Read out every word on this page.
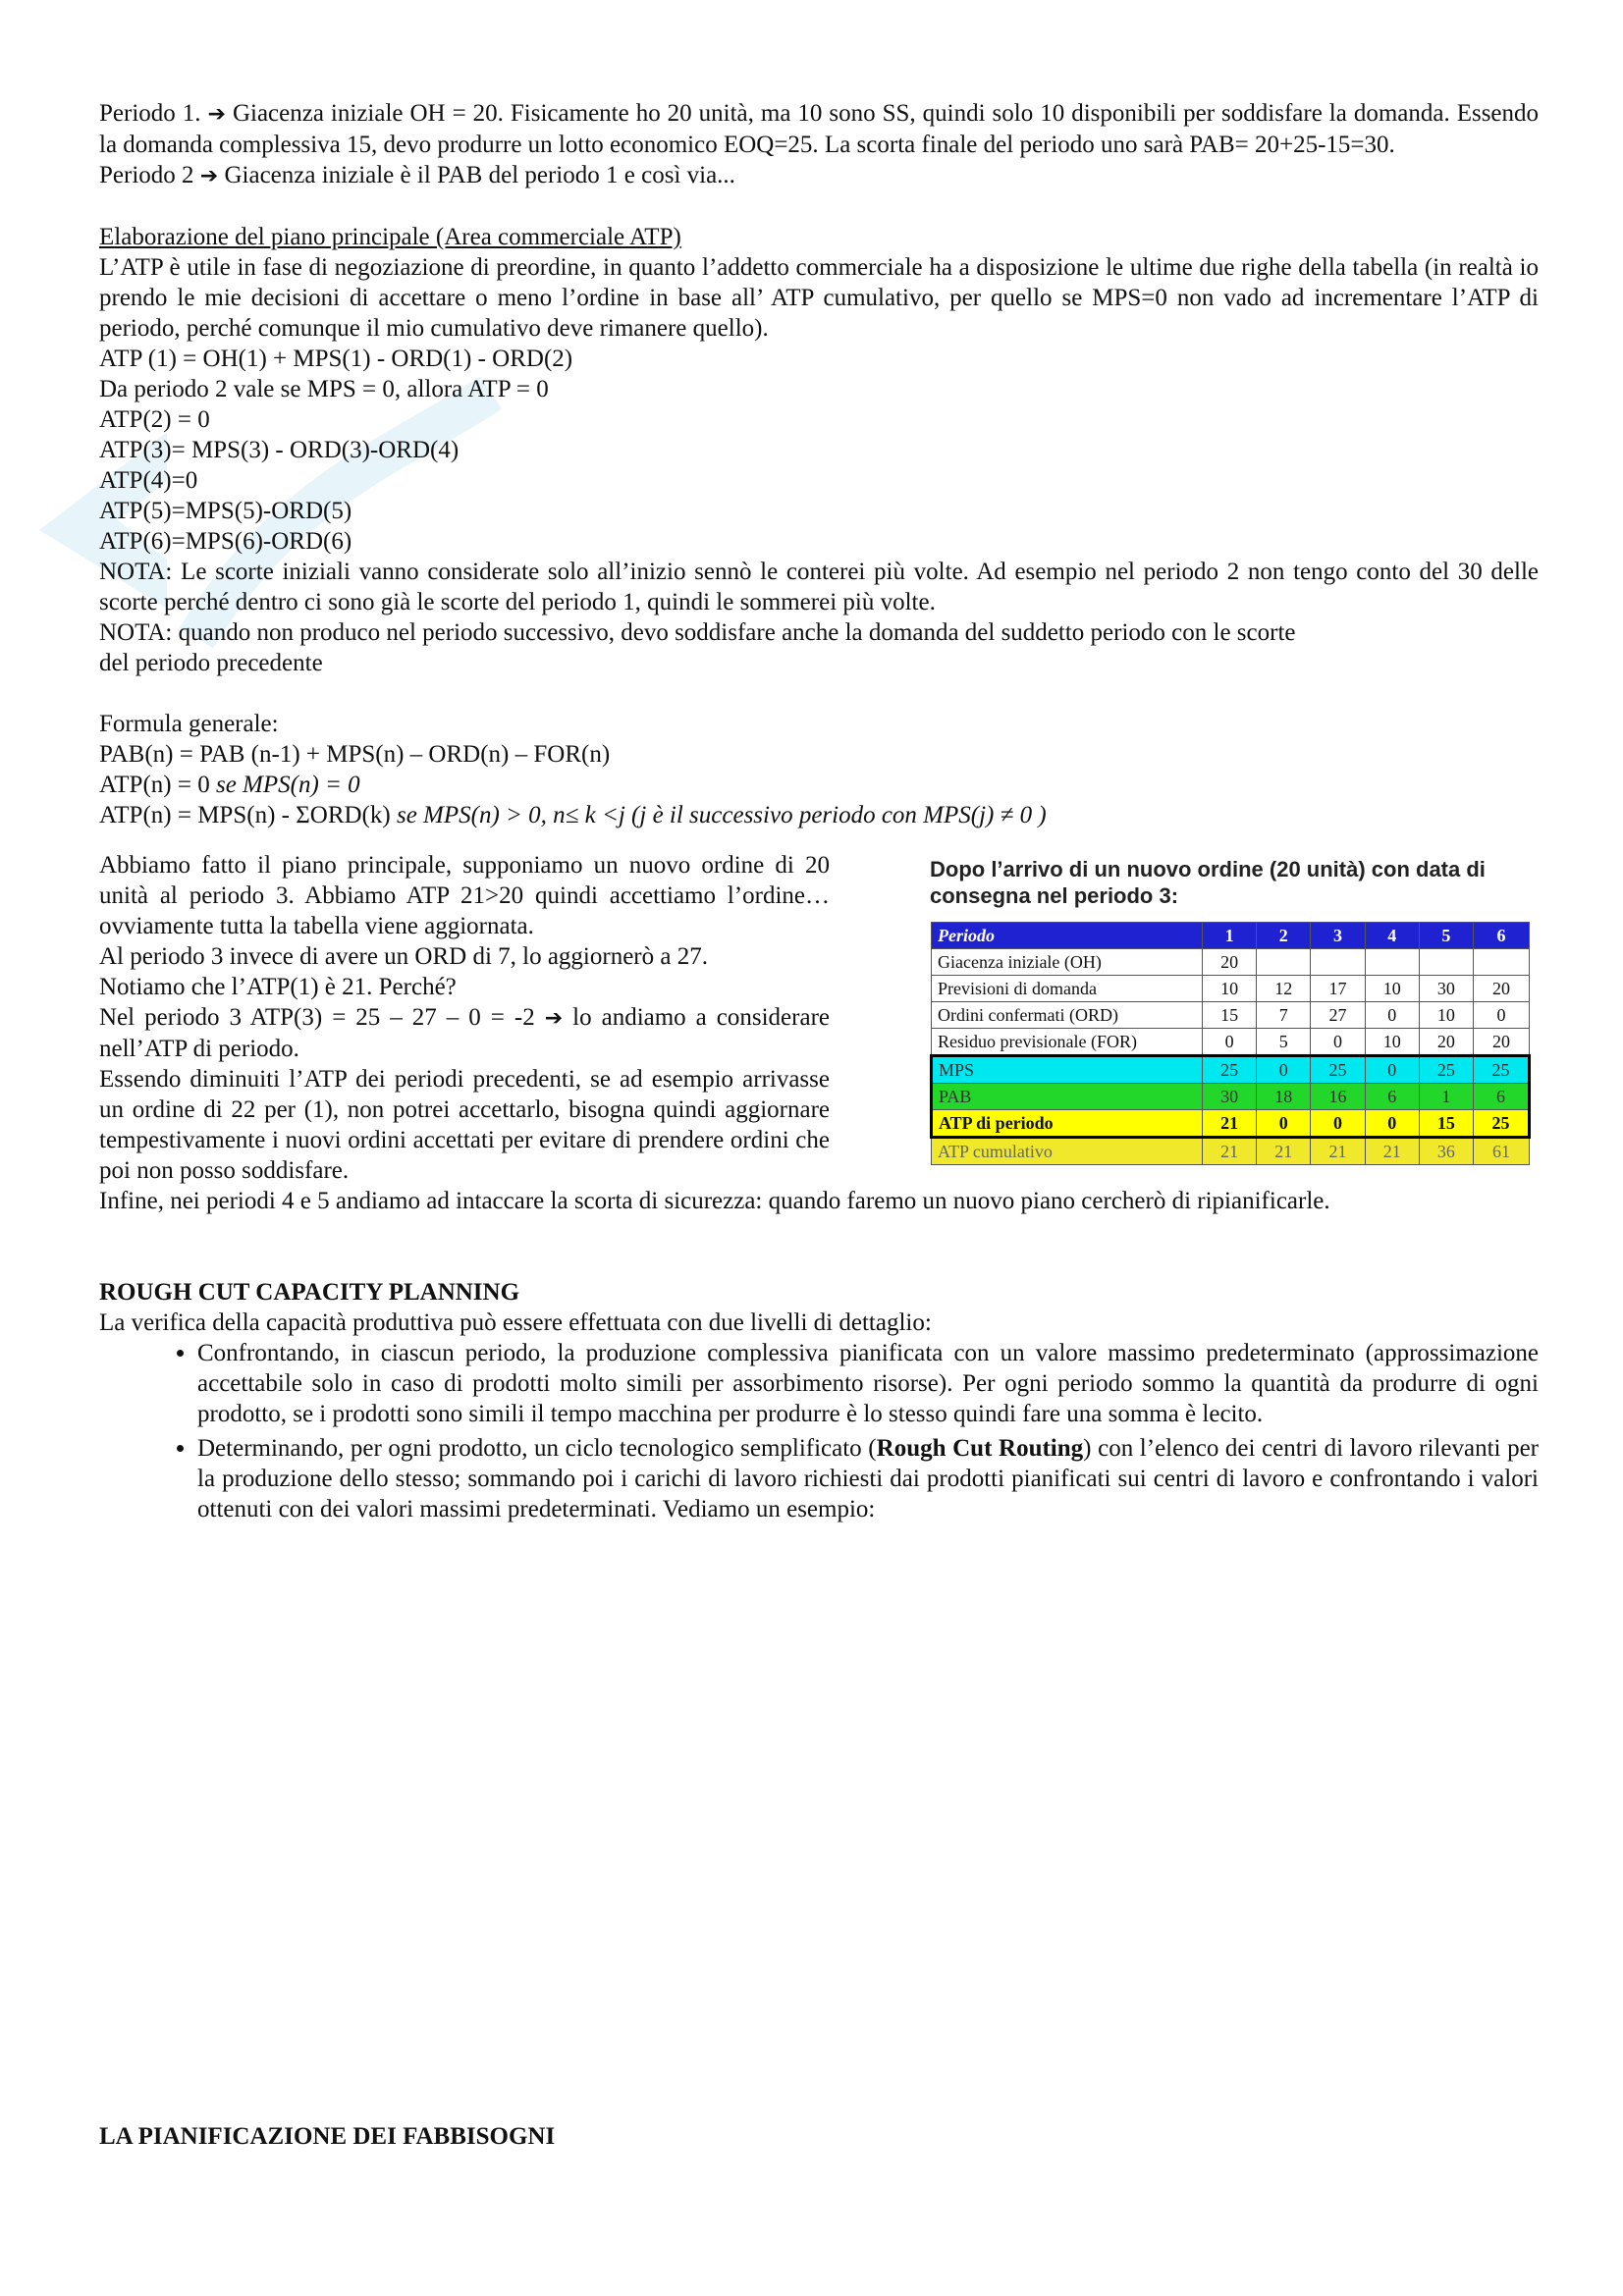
Periodo 1. ➔ Giacenza iniziale OH = 20. Fisicamente ho 20 unità, ma 10 sono SS, quindi solo 10 disponibili per soddisfare la domanda. Essendo la domanda complessiva 15, devo produrre un lotto economico EOQ=25. La scorta finale del periodo uno sarà PAB= 20+25-15=30.

Periodo 2 ➔ Giacenza iniziale è il PAB del periodo 1 e così via...

Elaborazione del piano principale (Area commerciale ATP)

L’ATP è utile in fase di negoziazione di preordine, in quanto l’addetto commerciale ha a disposizione le ultime due righe della tabella (in realtà io prendo le mie decisioni di accettare o meno l’ordine in base all’ ATP cumulativo, per quello se MPS=0 non vado ad incrementare l’ATP di periodo, perché comunque il mio cumulativo deve rimanere quello).

ATP (1) = OH(1) + MPS(1) - ORD(1) - ORD(2)

Da periodo 2 vale se MPS = 0, allora ATP = 0

ATP(2) = 0

ATP(3)= MPS(3) - ORD(3)-ORD(4)

ATP(4)=0

ATP(5)=MPS(5)-ORD(5)

ATP(6)=MPS(6)-ORD(6)

NOTA: Le scorte iniziali vanno considerate solo all’inizio sennò le conterei più volte. Ad esempio nel periodo 2 non tengo conto del 30 delle scorte perché dentro ci sono già le scorte del periodo 1, quindi le sommerei più volte.

NOTA: quando non produco nel periodo successivo, devo soddisfare anche la domanda del suddetto periodo con le scorte

del periodo precedente

Formula generale:

PAB(n) = PAB (n-1) + MPS(n) – ORD(n) – FOR(n)

ATP(n) = 0 se MPS(n) = 0

ATP(n) = MPS(n) - ΣORD(k) se MPS(n) > 0, n≤ k <j (j è il successivo periodo con MPS(j) ≠ 0 )

Abbiamo fatto il piano principale, supponiamo un nuovo ordine di 20 unità al periodo 3. Abbiamo ATP 21>20 quindi accettiamo l’ordine… ovviamente tutta la tabella viene aggiornata.

Al periodo 3 invece di avere un ORD di 7, lo aggiornerò a 27.

Notiamo che l’ATP(1) è 21. Perché?

Nel periodo 3 ATP(3) = 25 – 27 – 0 = -2 ➔ lo andiamo a considerare nell’ATP di periodo.

Essendo diminuiti l’ATP dei periodi precedenti, se ad esempio arrivasse un ordine di 22 per (1), non potrei accettarlo, bisogna quindi aggiornare tempestivamente i nuovi ordini accettati per evitare di prendere ordini che poi non posso soddisfare.

Dopo l’arrivo di un nuovo ordine (20 unità) con data di consegna nel periodo 3:

Periodo	1	2	3	4	5	6
Giacenza iniziale (OH)	20					
Previsioni di domanda	10	12	17	10	30	20
Ordini confermati (ORD)	15	7	27	0	10	0
Residuo previsionale (FOR)	0	5	0	10	20	20
MPS	25	0	25	0	25	25
PAB	30	18	16	6	1	6
ATP di periodo	21	0	0	0	15	25
ATP cumulativo	21	21	21	21	36	61

Infine, nei periodi 4 e 5 andiamo ad intaccare la scorta di sicurezza: quando faremo un nuovo piano cercherò di ripianificarle.

ROUGH CUT CAPACITY PLANNING

La verifica della capacità produttiva può essere effettuata con due livelli di dettaglio:

• Confrontando, in ciascun periodo, la produzione complessiva pianificata con un valore massimo predeterminato (approssimazione accettabile solo in caso di prodotti molto simili per assorbimento risorse). Per ogni periodo sommo la quantità da produrre di ogni prodotto, se i prodotti sono simili il tempo macchina per produrre è lo stesso quindi fare una somma è lecito.
• Determinando, per ogni prodotto, un ciclo tecnologico semplificato (Rough Cut Routing) con l’elenco dei centri di lavoro rilevanti per la produzione dello stesso; sommando poi i carichi di lavoro richiesti dai prodotti pianificati sui centri di lavoro e confrontando i valori ottenuti con dei valori massimi predeterminati. Vediamo un esempio:

LA PIANIFICAZIONE DEI FABBISOGNI
